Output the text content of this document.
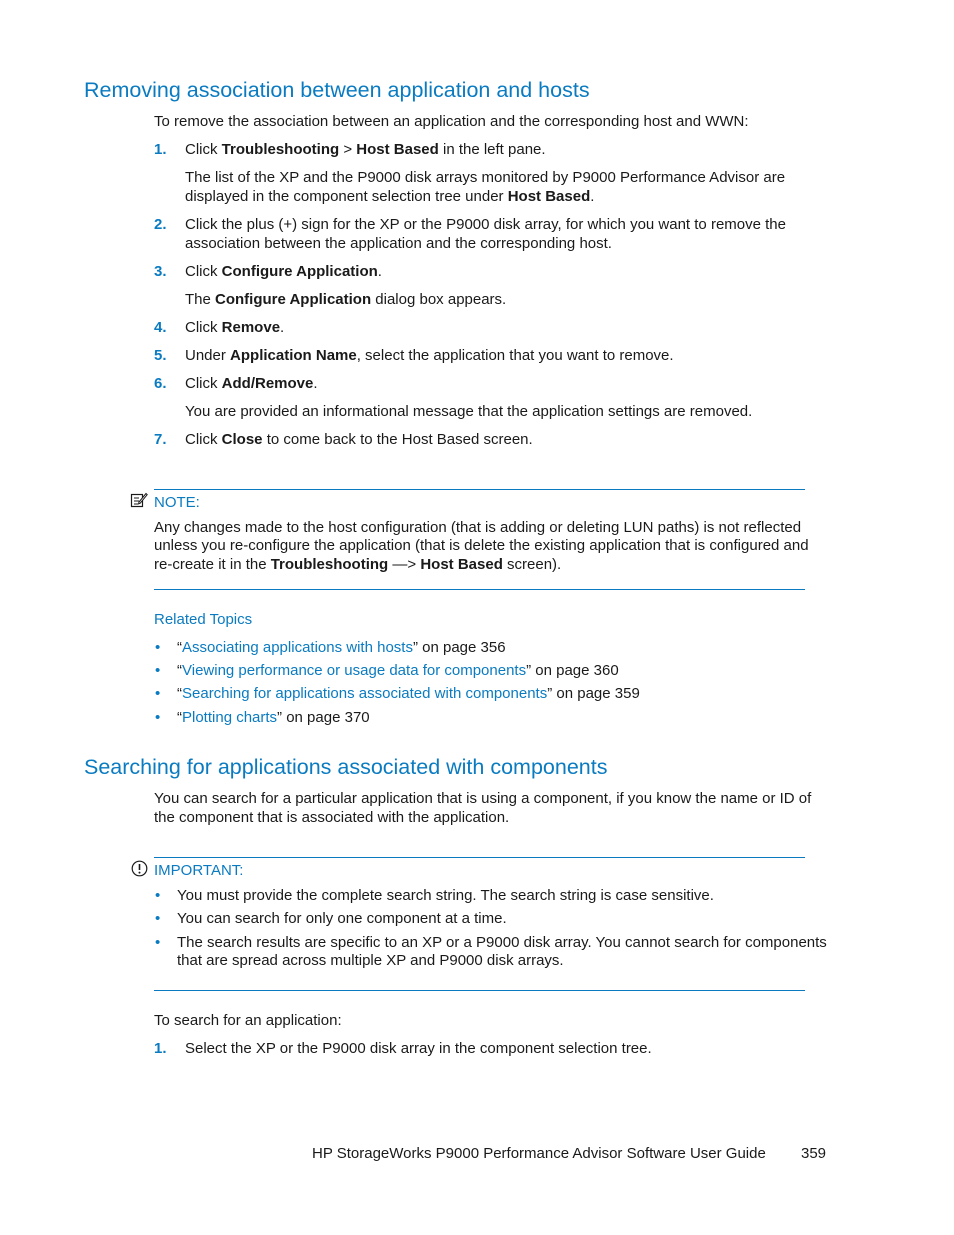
Removing association between application and hosts
To remove the association between an application and the corresponding host and WWN:
1. Click Troubleshooting > Host Based in the left pane.
The list of the XP and the P9000 disk arrays monitored by P9000 Performance Advisor are
displayed in the component selection tree under Host Based.
2. Click the plus (+) sign for the XP or the P9000 disk array, for which you want to remove the
association between the application and the corresponding host.
3. Click Configure Application.
The Configure Application dialog box appears.
4. Click Remove.
5. Under Application Name, select the application that you want to remove.
6. Click Add/Remove.
You are provided an informational message that the application settings are removed.
7. Click Close to come back to the Host Based screen.
NOTE:
Any changes made to the host configuration (that is adding or deleting LUN paths) is not reflected
unless you re-configure the application (that is delete the existing application that is configured and
re-create it in the Troubleshooting —> Host Based screen).
Related Topics
• “Associating applications with hosts” on page 356
• “Viewing performance or usage data for components” on page 360
• “Searching for applications associated with components” on page 359
• “Plotting charts” on page 370
Searching for applications associated with components
You can search for a particular application that is using a component, if you know the name or ID of
the component that is associated with the application.
IMPORTANT:
• You must provide the complete search string. The search string is case sensitive.
• You can search for only one component at a time.
• The search results are specific to an XP or a P9000 disk array. You cannot search for components
that are spread across multiple XP and P9000 disk arrays.
To search for an application:
1. Select the XP or the P9000 disk array in the component selection tree.
HP StorageWorks P9000 Performance Advisor Software User Guide 359
